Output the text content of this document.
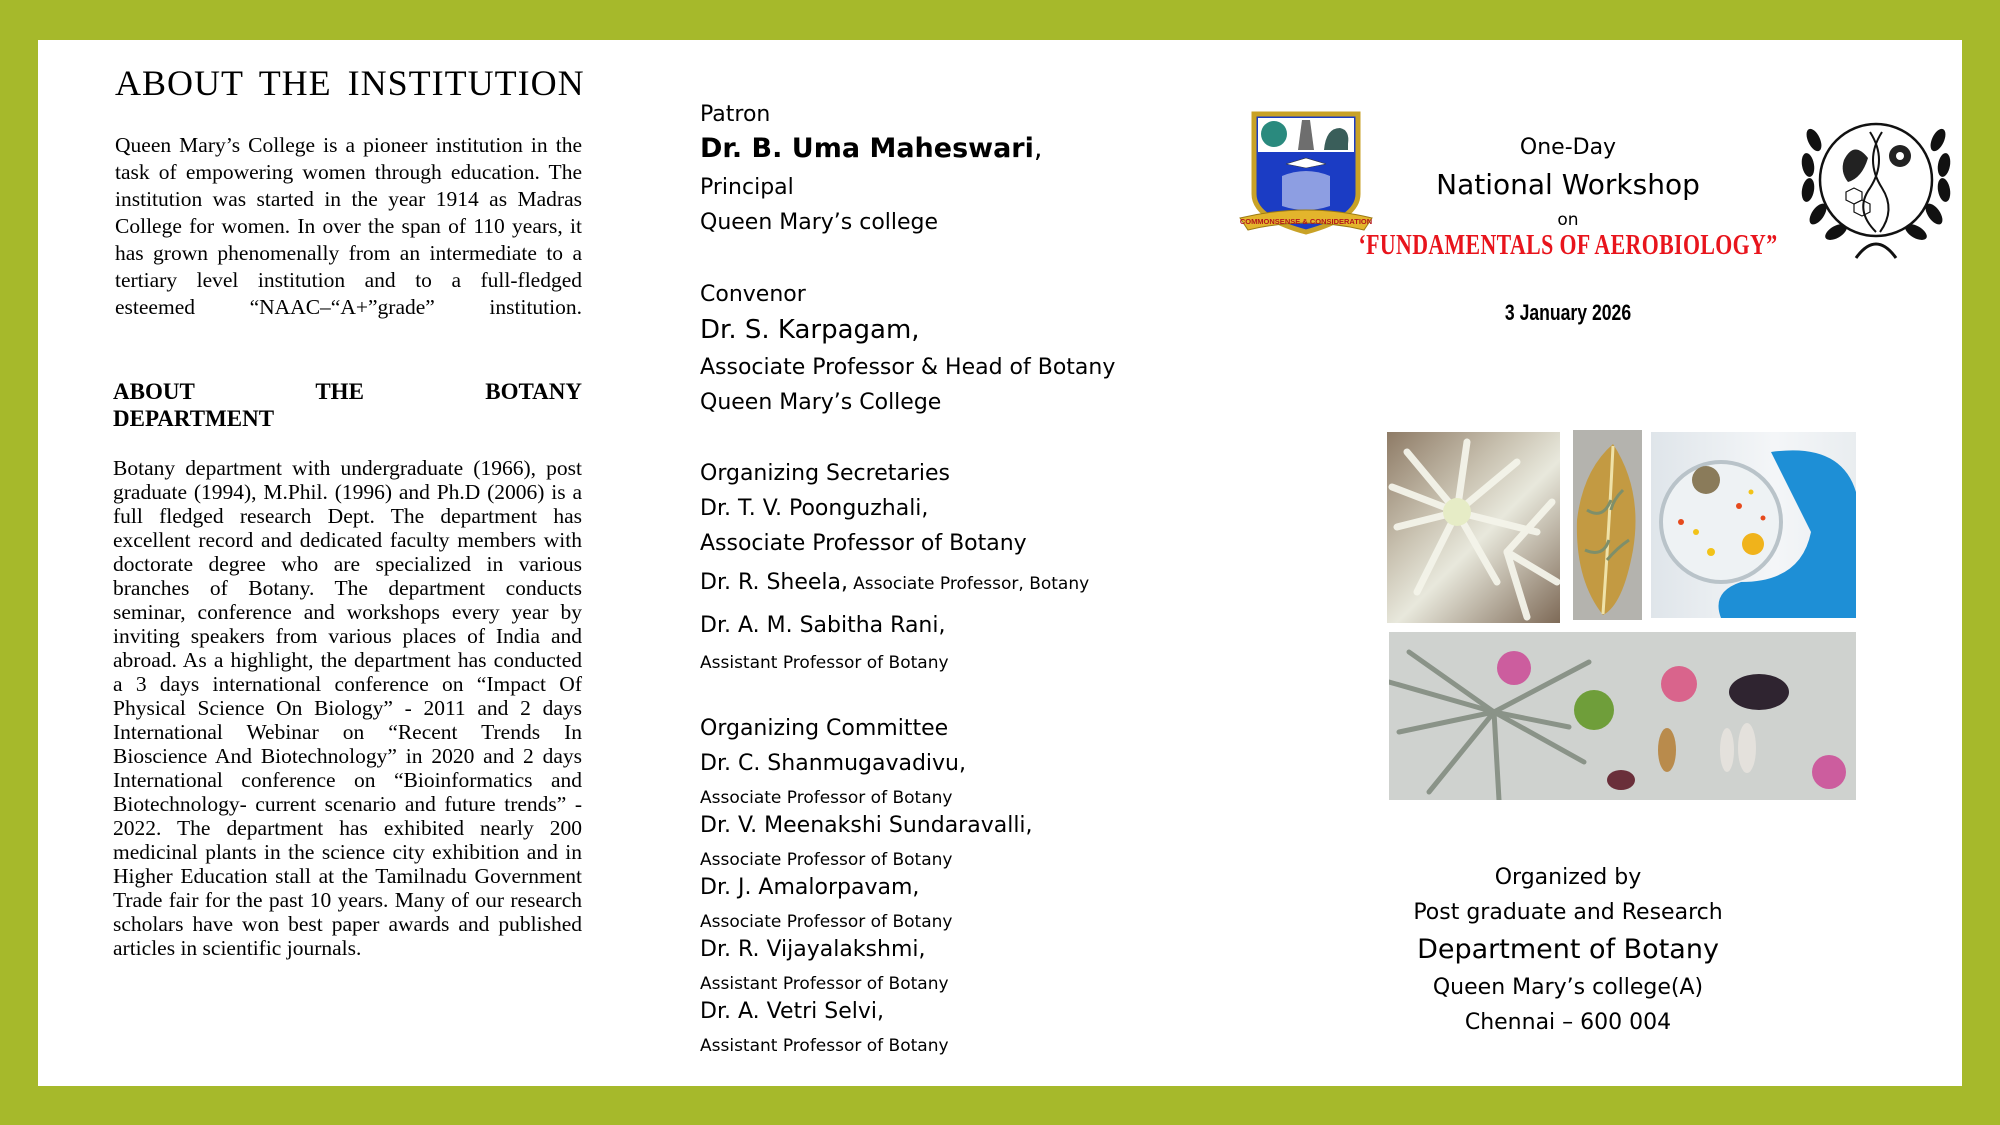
ABOUT THE INSTITUTION
Queen Mary’s College is a pioneer institution in the task of empowering women through education. The institution was started in the year 1914 as Madras College for women. In over the span of 110 years, it has grown phenomenally from an intermediate to a tertiary level institution and to a full-fledged esteemed “NAAC–“A+”grade” institution.
ABOUT THE BOTANY
DEPARTMENT
Botany department with undergraduate (1966), post graduate (1994), M.Phil. (1996) and Ph.D (2006) is a full fledged research Dept. The department has excellent record and dedicated faculty members with doctorate degree who are specialized in various branches of Botany. The department conducts seminar, conference and workshops every year by inviting speakers from various places of India and abroad. As a highlight, the department has conducted a 3 days international conference on “Impact Of Physical Science On Biology” - 2011 and 2 days International Webinar on “Recent Trends In Bioscience And Biotechnology” in 2020 and 2 days International conference on “Bioinformatics and Biotechnology- current scenario and future trends” - 2022. The department has exhibited nearly 200 medicinal plants in the science city exhibition and in Higher Education stall at the Tamilnadu Government Trade fair for the past 10 years. Many of our research scholars have won best paper awards and published articles in scientific journals.
Patron
Dr. B. Uma Maheswari,
Principal
Queen Mary’s college
Convenor
Dr. S. Karpagam,
Associate Professor & Head of Botany
Queen Mary’s College
Organizing Secretaries
Dr. T. V. Poonguzhali,
Associate Professor of Botany
Dr. R. Sheela, Associate Professor, Botany
Dr. A. M. Sabitha Rani,
Assistant Professor of Botany
Organizing Committee
Dr. C. Shanmugavadivu,
Associate Professor of Botany
Dr. V. Meenakshi Sundaravalli,
Associate Professor of Botany
Dr. J. Amalorpavam,
Associate Professor of Botany
Dr. R. Vijayalakshmi,
Assistant Professor of Botany
Dr. A. Vetri Selvi,
Assistant Professor of Botany
COMMONSENSE & CONSIDERATION
One-Day
National Workshop
on
‘FUNDAMENTALS OF AEROBIOLOGY”
3 January 2026
Organized by
Post graduate and Research
Department of Botany
Queen Mary’s college(A)
Chennai – 600 004
